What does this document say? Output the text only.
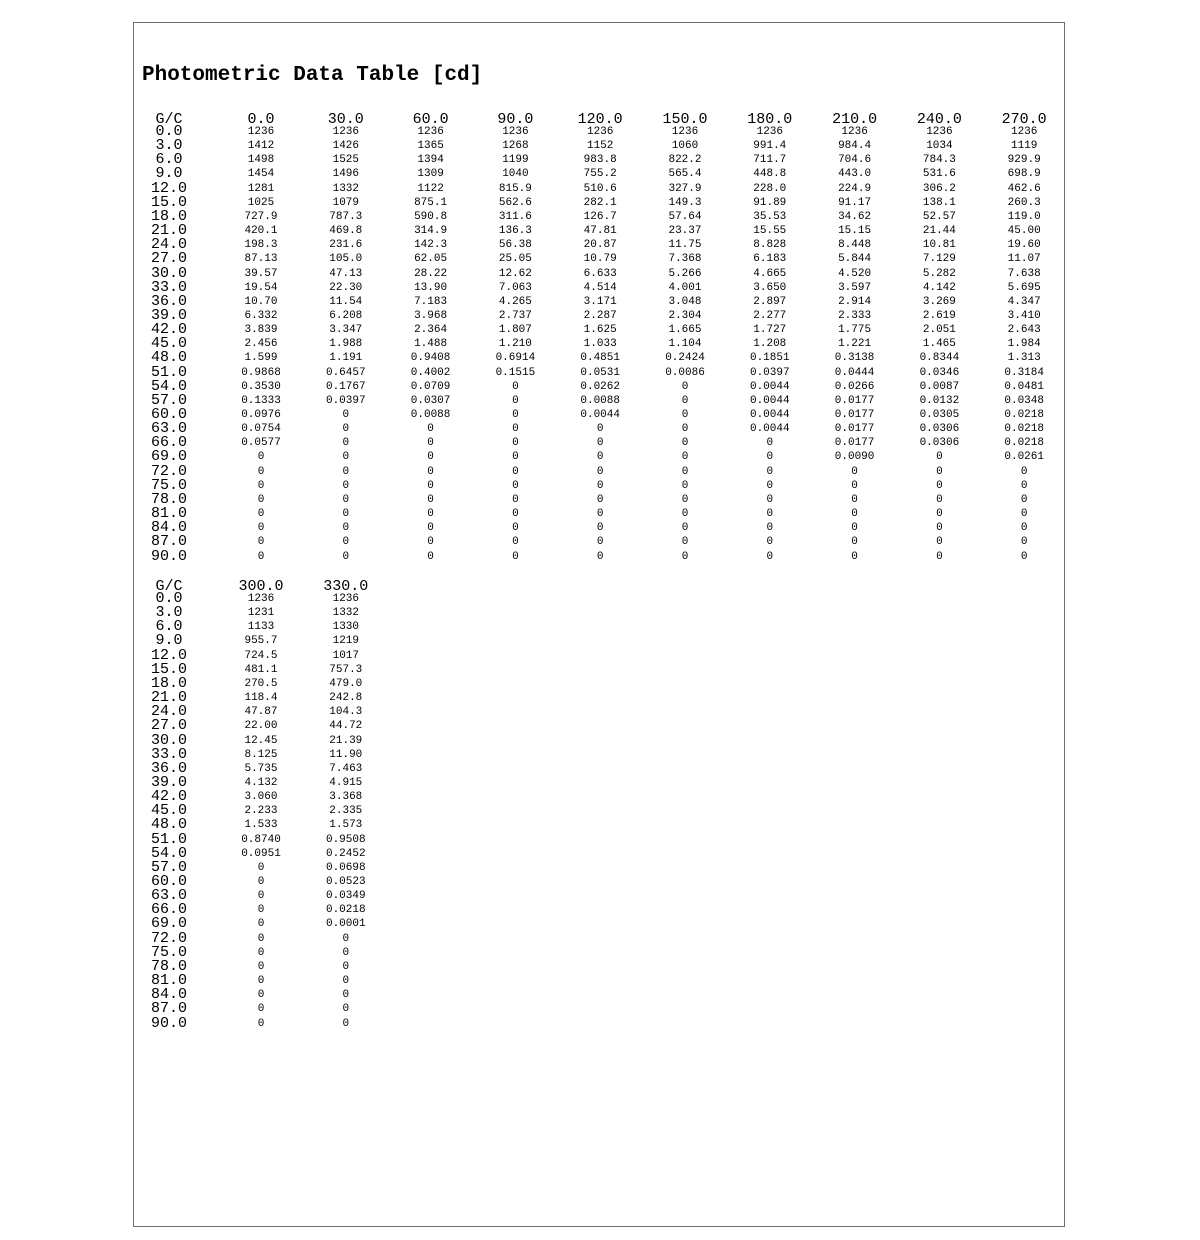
Photometric Data Table [cd]
G/C
0.0
3.0
6.0
9.0
12.0
15.0
18.0
21.0
24.0
27.0
30.0
33.0
36.0
39.0
42.0
45.0
48.0
51.0
54.0
57.0
60.0
63.0
66.0
69.0
72.0
75.0
78.0
81.0
84.0
87.0
90.0
0.0
1236
1412
1498
1454
1281
1025
727.9
420.1
198.3
87.13
39.57
19.54
10.70
6.332
3.839
2.456
1.599
0.9868
0.3530
0.1333
0.0976
0.0754
0.0577
0
0
0
0
0
0
0
0
30.0
1236
1426
1525
1496
1332
1079
787.3
469.8
231.6
105.0
47.13
22.30
11.54
6.208
3.347
1.988
1.191
0.6457
0.1767
0.0397
0
0
0
0
0
0
0
0
0
0
0
60.0
1236
1365
1394
1309
1122
875.1
590.8
314.9
142.3
62.05
28.22
13.90
7.183
3.968
2.364
1.488
0.9408
0.4002
0.0709
0.0307
0.0088
0
0
0
0
0
0
0
0
0
0
90.0
1236
1268
1199
1040
815.9
562.6
311.6
136.3
56.38
25.05
12.62
7.063
4.265
2.737
1.807
1.210
0.6914
0.1515
0
0
0
0
0
0
0
0
0
0
0
0
0
120.0
1236
1152
983.8
755.2
510.6
282.1
126.7
47.81
20.87
10.79
6.633
4.514
3.171
2.287
1.625
1.033
0.4851
0.0531
0.0262
0.0088
0.0044
0
0
0
0
0
0
0
0
0
0
150.0
1236
1060
822.2
565.4
327.9
149.3
57.64
23.37
11.75
7.368
5.266
4.001
3.048
2.304
1.665
1.104
0.2424
0.0086
0
0
0
0
0
0
0
0
0
0
0
0
0
180.0
1236
991.4
711.7
448.8
228.0
91.89
35.53
15.55
8.828
6.183
4.665
3.650
2.897
2.277
1.727
1.208
0.1851
0.0397
0.0044
0.0044
0.0044
0.0044
0
0
0
0
0
0
0
0
0
210.0
1236
984.4
704.6
443.0
224.9
91.17
34.62
15.15
8.448
5.844
4.520
3.597
2.914
2.333
1.775
1.221
0.3138
0.0444
0.0266
0.0177
0.0177
0.0177
0.0177
0.0090
0
0
0
0
0
0
0
240.0
1236
1034
784.3
531.6
306.2
138.1
52.57
21.44
10.81
7.129
5.282
4.142
3.269
2.619
2.051
1.465
0.8344
0.0346
0.0087
0.0132
0.0305
0.0306
0.0306
0
0
0
0
0
0
0
0
270.0
1236
1119
929.9
698.9
462.6
260.3
119.0
45.00
19.60
11.07
7.638
5.695
4.347
3.410
2.643
1.984
1.313
0.3184
0.0481
0.0348
0.0218
0.0218
0.0218
0.0261
0
0
0
0
0
0
0
G/C
0.0
3.0
6.0
9.0
12.0
15.0
18.0
21.0
24.0
27.0
30.0
33.0
36.0
39.0
42.0
45.0
48.0
51.0
54.0
57.0
60.0
63.0
66.0
69.0
72.0
75.0
78.0
81.0
84.0
87.0
90.0
300.0
1236
1231
1133
955.7
724.5
481.1
270.5
118.4
47.87
22.00
12.45
8.125
5.735
4.132
3.060
2.233
1.533
0.8740
0.0951
0
0
0
0
0
0
0
0
0
0
0
0
330.0
1236
1332
1330
1219
1017
757.3
479.0
242.8
104.3
44.72
21.39
11.90
7.463
4.915
3.368
2.335
1.573
0.9508
0.2452
0.0698
0.0523
0.0349
0.0218
0.0001
0
0
0
0
0
0
0
